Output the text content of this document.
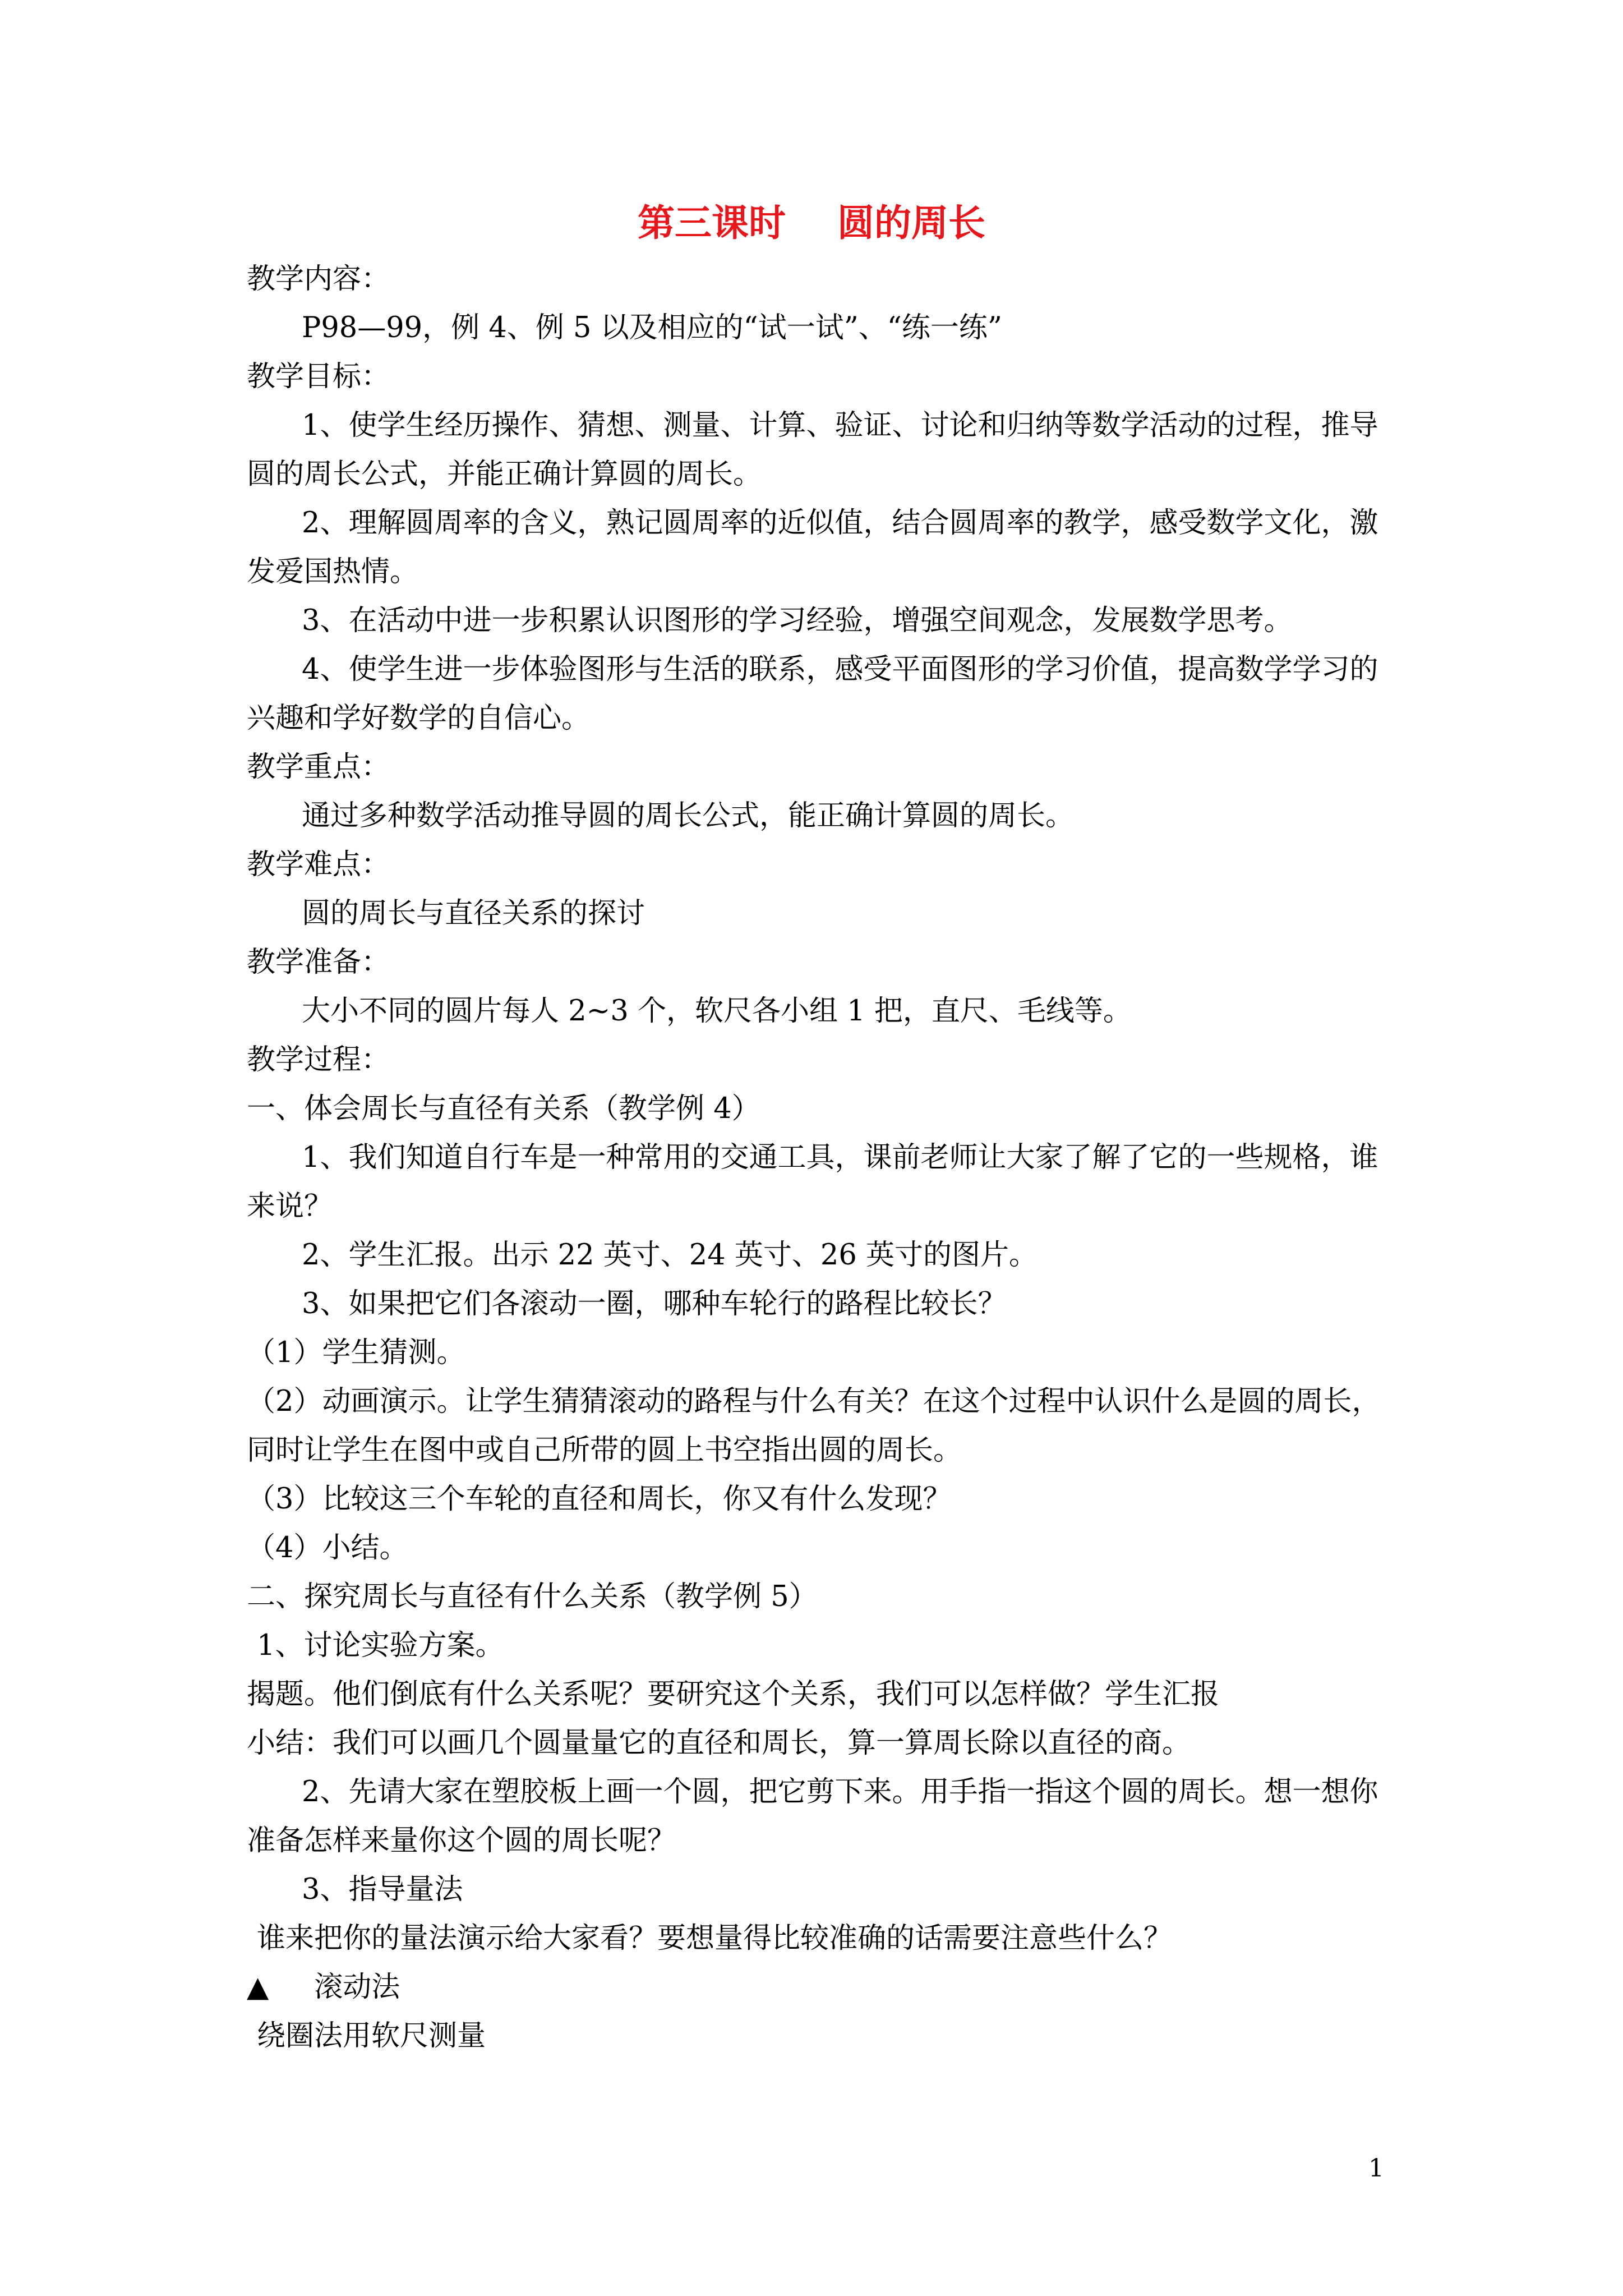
第三课时    圆的周长
教学内容：
P98—99，例 4、例 5 以及相应的“试一试”、“练一练”
教学目标：
1、使学生经历操作、猜想、测量、计算、验证、讨论和归纳等数学活动的过程，推导
圆的周长公式，并能正确计算圆的周长。
2、理解圆周率的含义，熟记圆周率的近似值，结合圆周率的教学，感受数学文化，激
发爱国热情。
3、在活动中进一步积累认识图形的学习经验，增强空间观念，发展数学思考。
4、使学生进一步体验图形与生活的联系，感受平面图形的学习价值，提高数学学习的
兴趣和学好数学的自信心。
教学重点：
通过多种数学活动推导圆的周长公式，能正确计算圆的周长。
教学难点：
圆的周长与直径关系的探讨
教学准备：
大小不同的圆片每人 2~3 个，软尺各小组 1 把，直尺、毛线等。
教学过程：
一、体会周长与直径有关系（教学例 4）
1、我们知道自行车是一种常用的交通工具，课前老师让大家了解了它的一些规格，谁
来说？
2、学生汇报。出示 22 英寸、24 英寸、26 英寸的图片。
3、如果把它们各滚动一圈，哪种车轮行的路程比较长？
（1）学生猜测。
（2）动画演示。让学生猜猜滚动的路程与什么有关？在这个过程中认识什么是圆的周长，
同时让学生在图中或自己所带的圆上书空指出圆的周长。
（3）比较这三个车轮的直径和周长，你又有什么发现？
（4）小结。
二、探究周长与直径有什么关系（教学例 5）
1、讨论实验方案。
揭题。他们倒底有什么关系呢？要研究这个关系，我们可以怎样做？学生汇报
小结：我们可以画几个圆量量它的直径和周长，算一算周长除以直径的商。
2、先请大家在塑胶板上画一个圆，把它剪下来。用手指一指这个圆的周长。想一想你
准备怎样来量你这个圆的周长呢？
3、指导量法
谁来把你的量法演示给大家看？要想量得比较准确的话需要注意些什么？
▲     滚动法
绕圈法用软尺测量
1
